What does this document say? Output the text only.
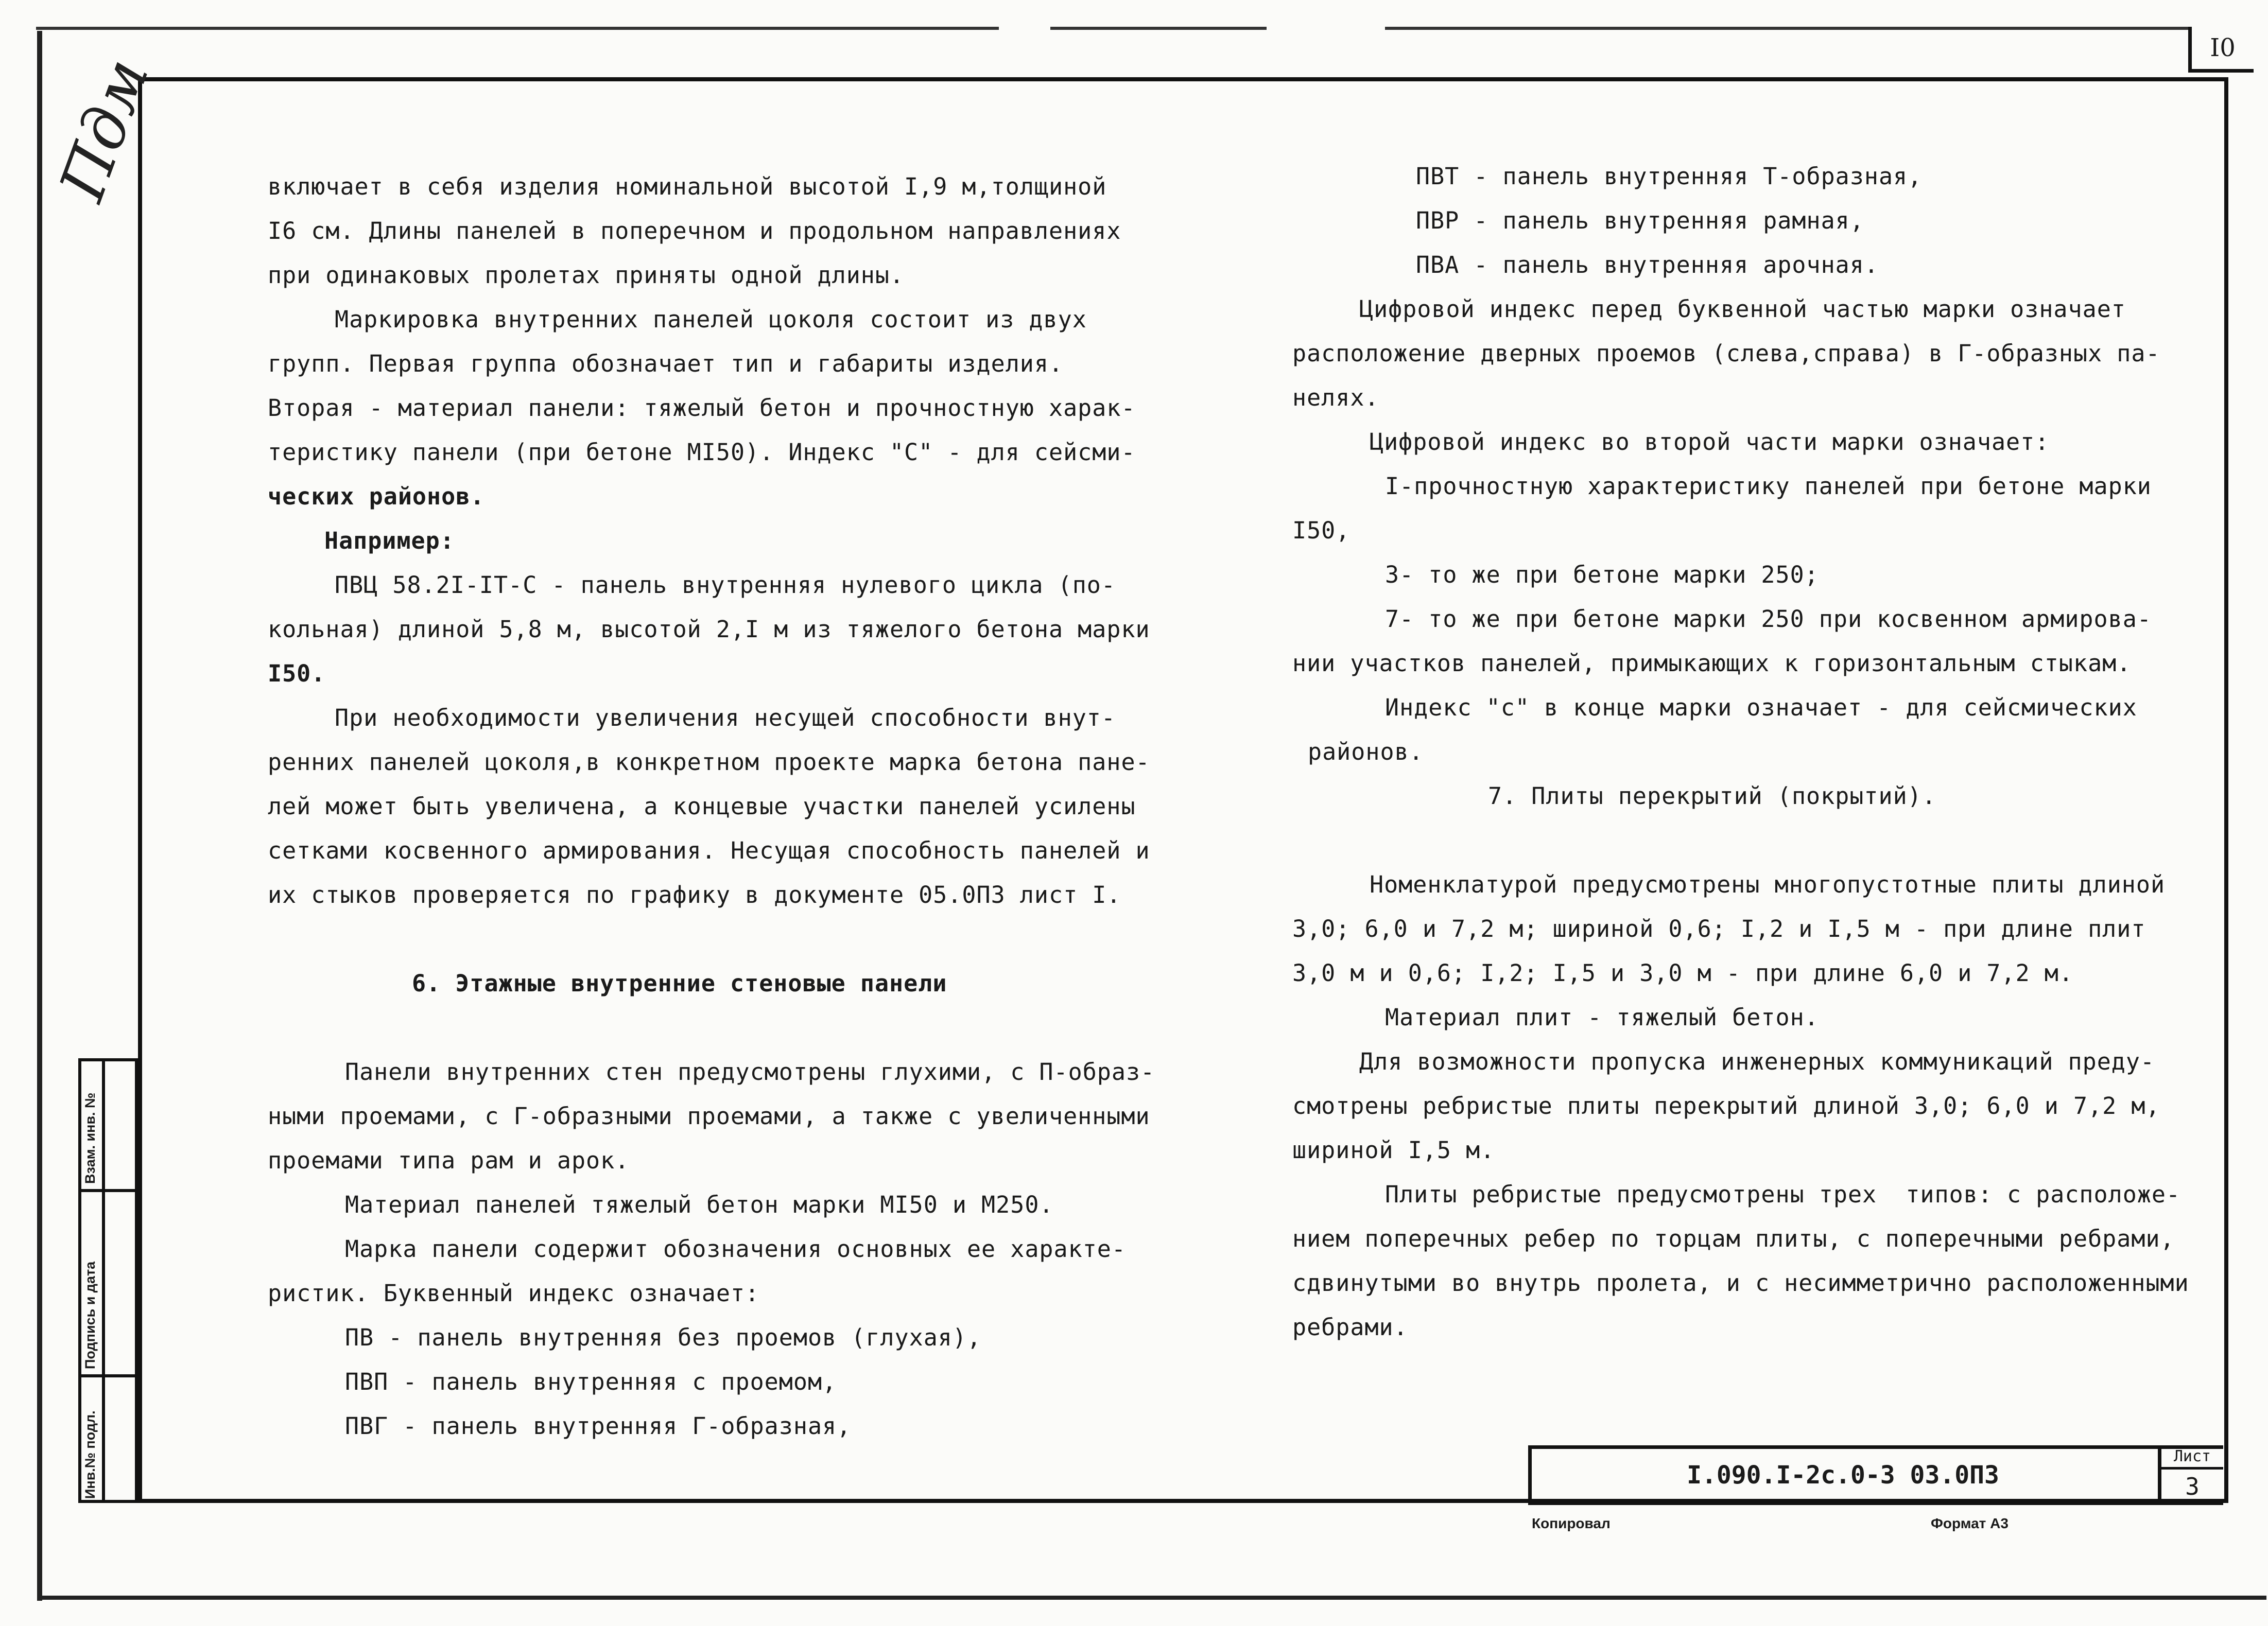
I0
Пдм	включает в себя изделия номинальной высотой I,9 м,толщиной
I6 см. Длины панелей в поперечном и продольном направлениях
при одинаковых пролетах приняты одной длины.
Маркировка внутренних панелей цоколя состоит из двух
групп. Первая группа обозначает тип и габариты изделия.
Вторая - материал панели: тяжелый бетон и прочностную харак-
теристику панели (при бетоне МI50). Индекс "С" - для сейсми-
ческих районов.
Например:
ПВЦ 58.2I-IТ-С - панель внутренняя нулевого цикла (по-
кольная) длиной 5,8 м, высотой 2,I м из тяжелого бетона марки
I50.
При необходимости увеличения несущей способности внут-
ренних панелей цоколя,в конкретном проекте марка бетона пане-
лей может быть увеличена, а концевые участки панелей усилены
сетками косвенного армирования. Несущая способность панелей и
их стыков проверяется по графику в документе 05.0ПЗ лист I.
6. Этажные внутренние стеновые панели
Панели внутренних стен предусмотрены глухими, с П-образ-
ными проемами, с Г-образными проемами, а также с увеличенными
проемами типа рам и арок.
Материал панелей тяжелый бетон марки МI50 и М250.
Марка панели содержит обозначения основных ее характе-
ристик. Буквенный индекс означает:
ПВ - панель внутренняя без проемов (глухая),
ПВП - панель внутренняя с проемом,
ПВГ - панель внутренняя Г-образная,
ПВТ - панель внутренняя Т-образная,
ПВР - панель внутренняя рамная,
ПВА - панель внутренняя арочная.
Цифровой индекс перед буквенной частью марки означает
расположение дверных проемов (слева,справа) в Г-образных па-
нелях.
Цифровой индекс во второй части марки означает:
I-прочностную характеристику панелей при бетоне марки
I50,
3- то же при бетоне марки 250;
7- то же при бетоне марки 250 при косвенном армирова-
нии участков панелей, примыкающих к горизонтальным стыкам.
Индекс "с" в конце марки означает - для сейсмических
районов.
7. Плиты перекрытий (покрытий).
Номенклатурой предусмотрены многопустотные плиты длиной
3,0; 6,0 и 7,2 м; шириной 0,6; I,2 и I,5 м - при длине плит
3,0 м и 0,6; I,2; I,5 и 3,0 м - при длине 6,0 и 7,2 м.
Материал плит - тяжелый бетон.
Для возможности пропуска инженерных коммуникаций преду-
смотрены ребристые плиты перекрытий длиной 3,0; 6,0 и 7,2 м,
шириной I,5 м.
Плиты ребристые предусмотрены трех  типов: с расположе-
нием поперечных ребер по торцам плиты, с поперечными ребрами,
сдвинутыми во внутрь пролета, и с несимметрично расположенными
ребрами.
Взам. инв. №
Подпись и дата
Инв.№ подл.	I.090.I-2с.0-3 03.0ПЗ
Лист
3
Копировал	Формат А3
